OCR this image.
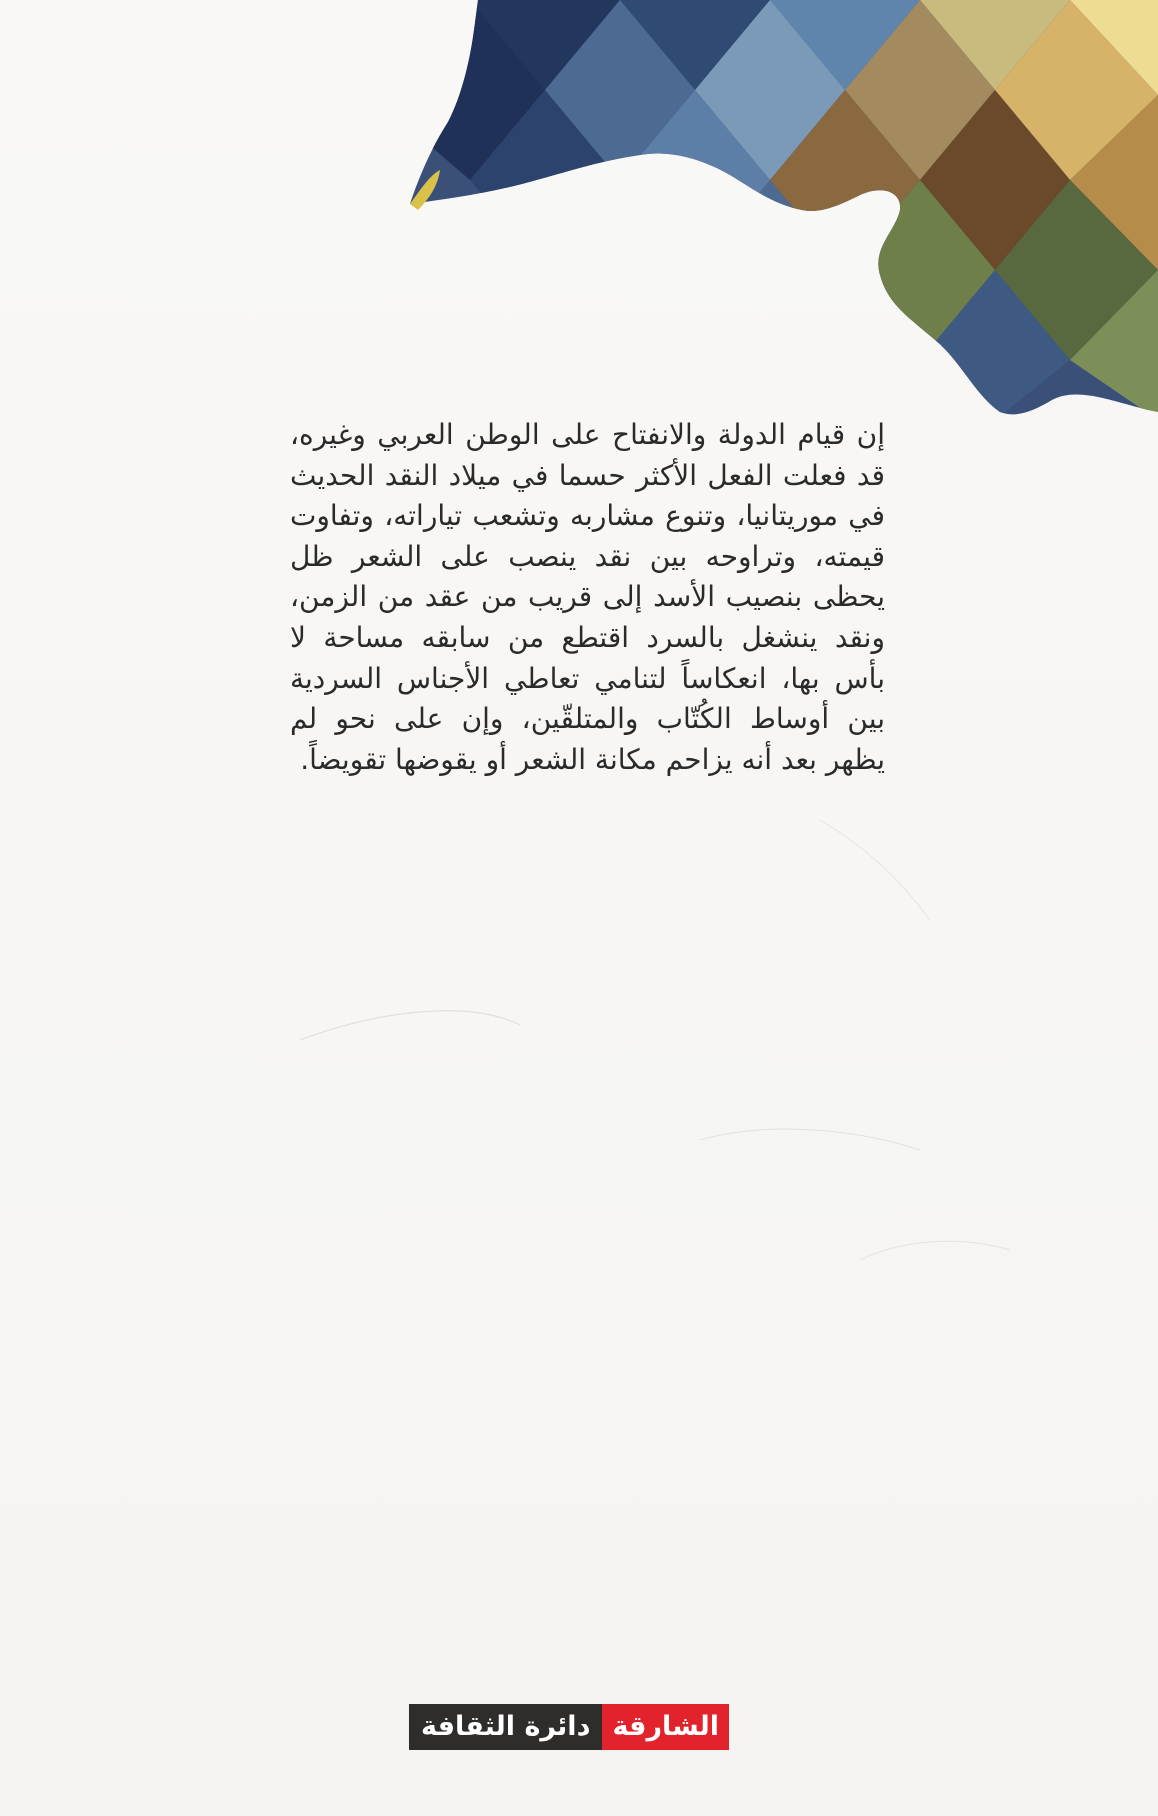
إن قيام الدولة والانفتاح على الوطن العربي وغيره، قد فعلت الفعل الأكثر حسما في ميلاد النقد الحديث في موريتانيا، وتنوع مشاربه وتشعب تياراته، وتفاوت قيمته، وتراوحه بين نقد ينصب على الشعر ظل يحظى بنصيب الأسد إلى قريب من عقد من الزمن، ونقد ينشغل بالسرد اقتطع من سابقه مساحة لا بأس بها، انعكاساً لتنامي تعاطي الأجناس السردية بين أوساط الكُتّاب والمتلقّين، وإن على نحو لم يظهر بعد أنه يزاحم مكانة الشعر أو يقوضها تقويضاً.

الشارقة
دائرة الثقافة
